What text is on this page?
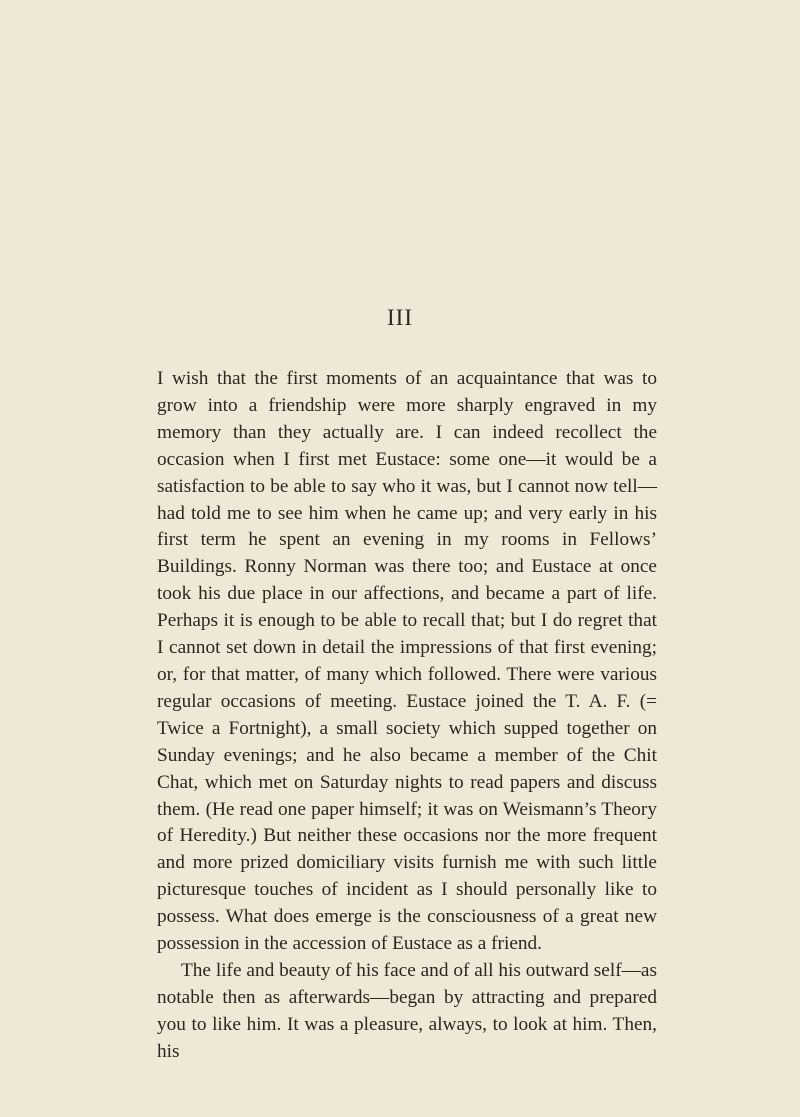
III

I wish that the first moments of an acquaintance that was to grow into a friendship were more sharply engraved in my memory than they actually are. I can indeed recollect the occasion when I first met Eustace: some one—it would be a satisfaction to be able to say who it was, but I cannot now tell—had told me to see him when he came up; and very early in his first term he spent an evening in my rooms in Fellows’ Buildings. Ronny Norman was there too; and Eustace at once took his due place in our affections, and became a part of life. Perhaps it is enough to be able to recall that; but I do regret that I cannot set down in detail the impressions of that first evening; or, for that matter, of many which followed. There were various regular occasions of meeting. Eustace joined the T. A. F. (= Twice a Fortnight), a small society which supped together on Sunday evenings; and he also became a member of the Chit Chat, which met on Saturday nights to read papers and discuss them. (He read one paper himself; it was on Weismann’s Theory of Heredity.) But neither these occasions nor the more frequent and more prized domiciliary visits furnish me with such little picturesque touches of incident as I should personally like to possess. What does emerge is the consciousness of a great new possession in the accession of Eustace as a friend.

The life and beauty of his face and of all his outward self—as notable then as afterwards—began by attracting and prepared you to like him. It was a pleasure, always, to look at him. Then, his
